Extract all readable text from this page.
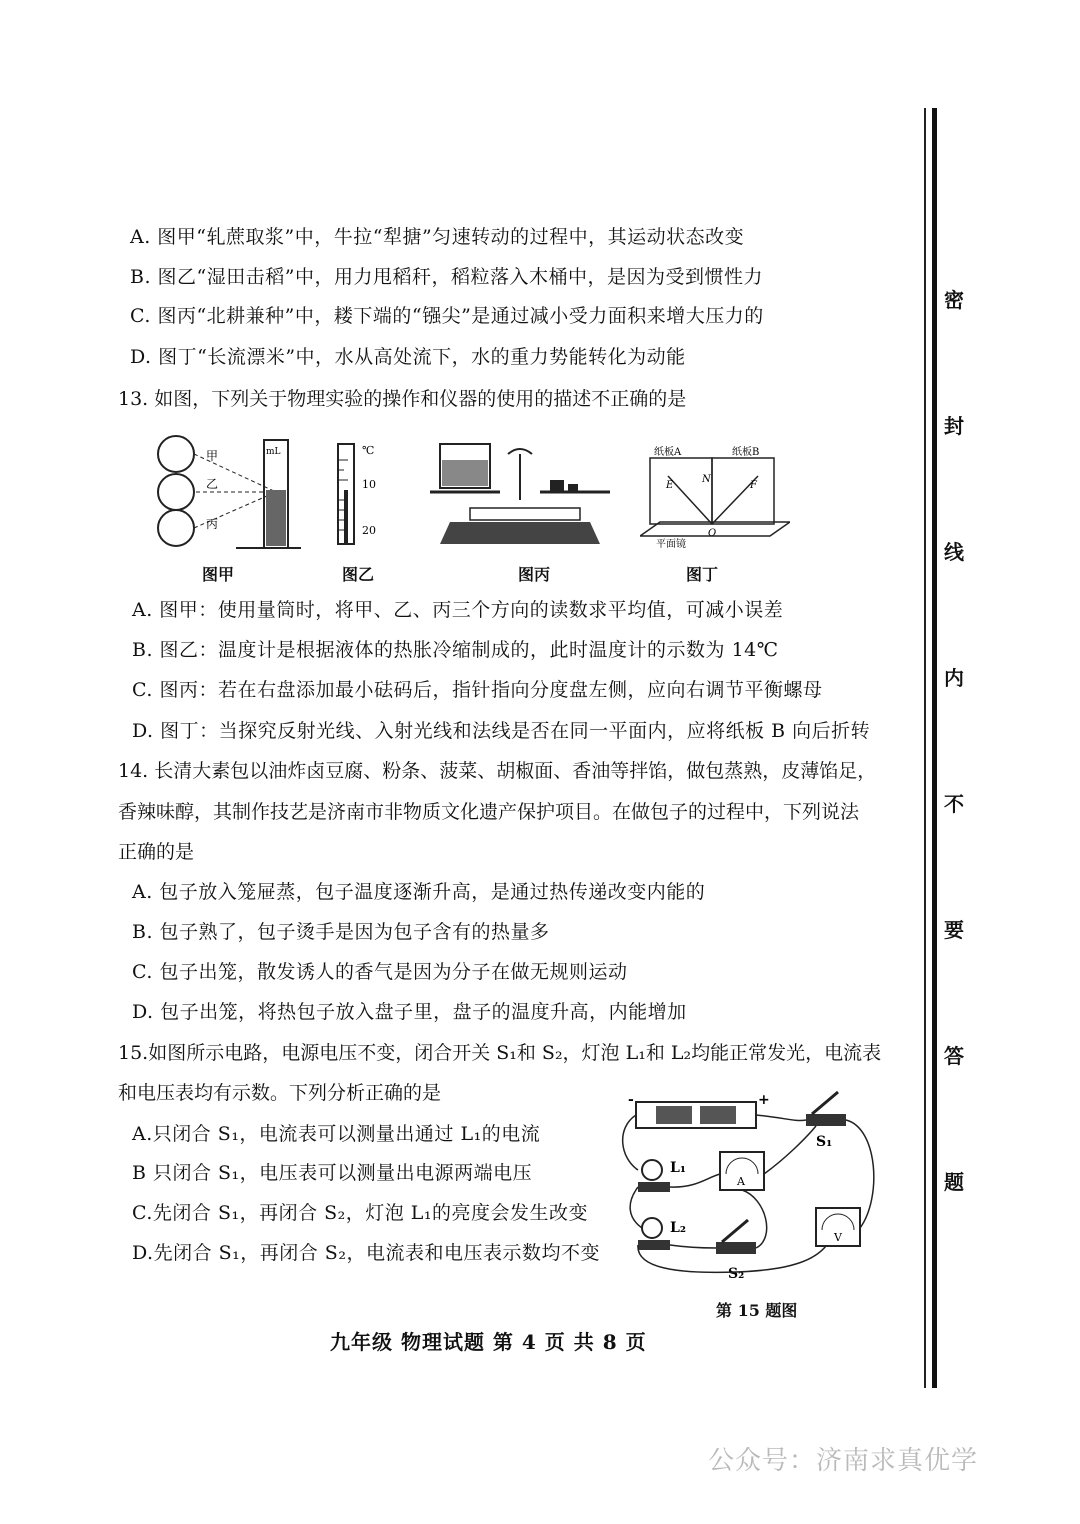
A. 图甲“轧蔗取浆”中，牛拉“犁搪”匀速转动的过程中，其运动状态改变
B. 图乙“湿田击稻”中，用力甩稻秆，稻粒落入木桶中，是因为受到惯性力
C. 图丙“北耕兼种”中，耧下端的“镪尖”是通过减小受力面积来增大压力的
D. 图丁“长流漂米”中，水从高处流下，水的重力势能转化为动能
13. 如图，下列关于物理实验的操作和仪器的使用的描述不正确的是
甲
乙
丙
mL	℃
10
20
纸板A	纸板B
E
N
F
O
平面镜
图甲	图乙	图丙	图丁
A. 图甲：使用量筒时，将甲、乙、丙三个方向的读数求平均值，可减小误差
B. 图乙：温度计是根据液体的热胀冷缩制成的，此时温度计的示数为 14℃
C. 图丙：若在右盘添加最小砝码后，指针指向分度盘左侧，应向右调节平衡螺母
D. 图丁：当探究反射光线、入射光线和法线是否在同一平面内，应将纸板 B 向后折转
14. 长清大素包以油炸卤豆腐、粉条、菠菜、胡椒面、香油等拌馅，做包蒸熟，皮薄馅足，
香辣味醇，其制作技艺是济南市非物质文化遗产保护项目。在做包子的过程中，下列说法
正确的是
A. 包子放入笼屉蒸，包子温度逐渐升高，是通过热传递改变内能的
B. 包子熟了，包子烫手是因为包子含有的热量多
C. 包子出笼，散发诱人的香气是因为分子在做无规则运动
D. 包子出笼，将热包子放入盘子里，盘子的温度升高，内能增加
15.如图所示电路，电源电压不变，闭合开关 S₁和 S₂，灯泡 L₁和 L₂均能正常发光，电流表
和电压表均有示数。下列分析正确的是
A.只闭合 S₁，电流表可以测量出通过 L₁的电流
B 只闭合 S₁，电压表可以测量出电源两端电压
C.先闭合 S₁，再闭合 S₂，灯泡 L₁的亮度会发生改变
D.先闭合 S₁，再闭合 S₂，电流表和电压表示数均不变
-	+
S₁
L₁
A
L₂
S₂
V
第 15 题图
九年级 物理试题 第 4 页 共 8 页
密
封
线
内
不
要
答
题
公众号：济南求真优学
